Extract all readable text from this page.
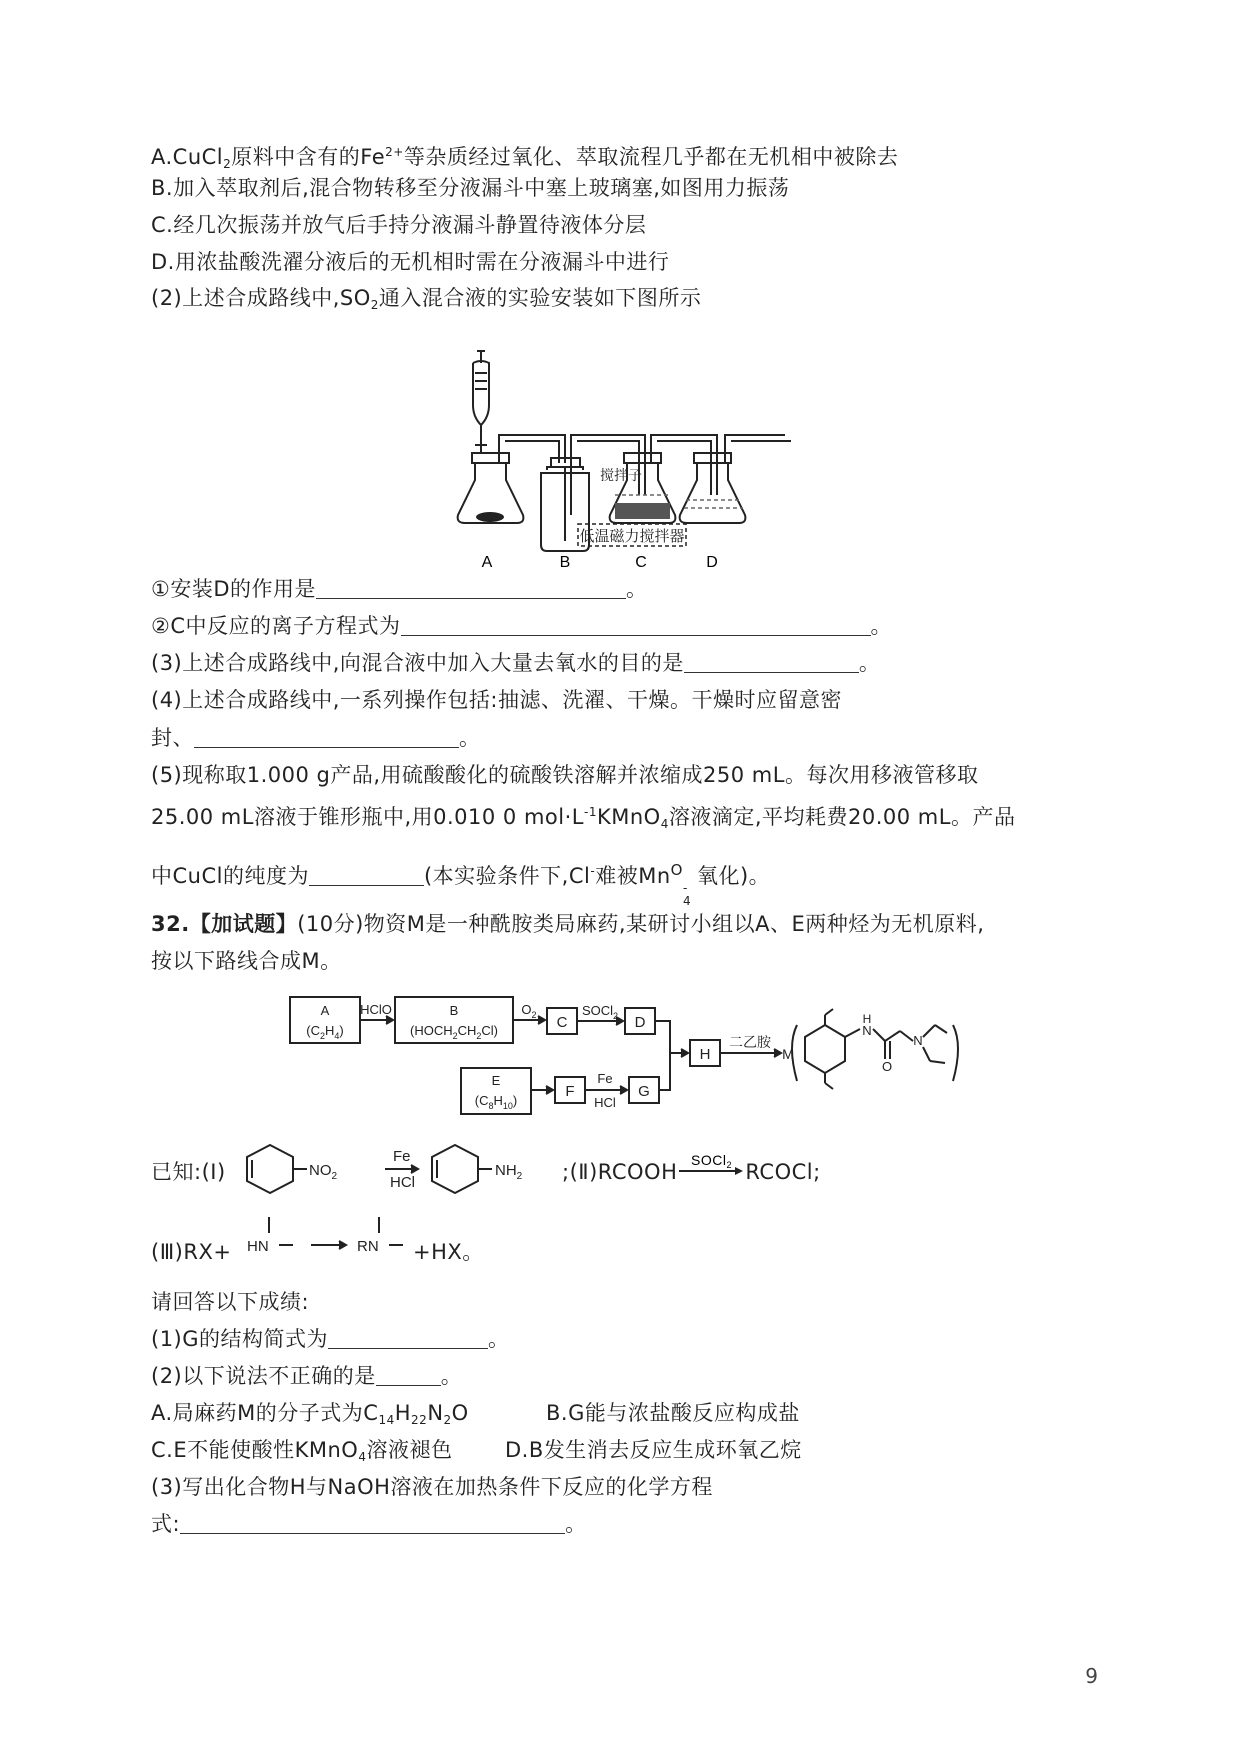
A.CuCl$_2$原料中含有的$Fe^{2+}$等杂质经过氧化、萃取流程几乎都在无机相中被除去
B.加入萃取剂后,混合物转移至分液漏斗中塞上玻璃塞,如图用力振荡
C.经几次振荡并放气后手持分液漏斗静置待液体分层
D.用浓盐酸洗濯分液后的无机相时需在分液漏斗中进行
(2)上述合成路线中$,SO_2$通入混合液的实验安装如下图所示
低温磁力搅拌器
搅拌子
A	B	C	D
①安装D的作用是	。
②C中反应的离子方程式为	。
(3)上述合成路线中,向混合液中加入大量去氧水的目的是	。
(4)上述合成路线中,一系列操作包括:抽滤、洗濯、干燥。干燥时应留意密
封、	。
(5)现称取1.000 g产品,用硫酸酸化的硫酸铁溶解并浓缩成250 mL。每次用移液管移取
25.00 mL溶液于锥形瓶中,用0.010 0 $mol\cdot L^{-1}KMnO_4$溶液滴定,平均耗费20.00 mL。产品
中CuCl的纯度为	(本实验条件下,Cl-难被$Mn^O$
-
4
氧化)。
32.【加试题】(10分)物资M是一种酰胺类局麻药,某研讨小组以A、E两种烃为无机原料,
按以下路线合成M。
A
$(C_2H_4)$
HClO	B
$(HOCH_2CH_2Cl)$
$O_2$ C
SOCl$_2$ D
E
$(C_8H_{10})$
F
Fe
HCl
G
H
二乙胺
M
H
N
O
N
已知:(Ⅰ)	$NO_2$
Fe
HCl
$NH_2$ ;(Ⅱ)RCOOH SOCl$_2$ RCOCl;
(Ⅲ)RX+ HN	RN +HX。
请回答以下成绩:
(1)G的结构简式为	。
(2)以下说法不正确的是	。
A.局麻药M的分子式为$C_{14}H_{22}N_2O$	B.G能与浓盐酸反应构成盐
C.E不能使酸性KMnO$_4$溶液褪色	D.B发生消去反应生成环氧乙烷
(3)写出化合物H与NaOH溶液在加热条件下反应的化学方程
式:	。
9
